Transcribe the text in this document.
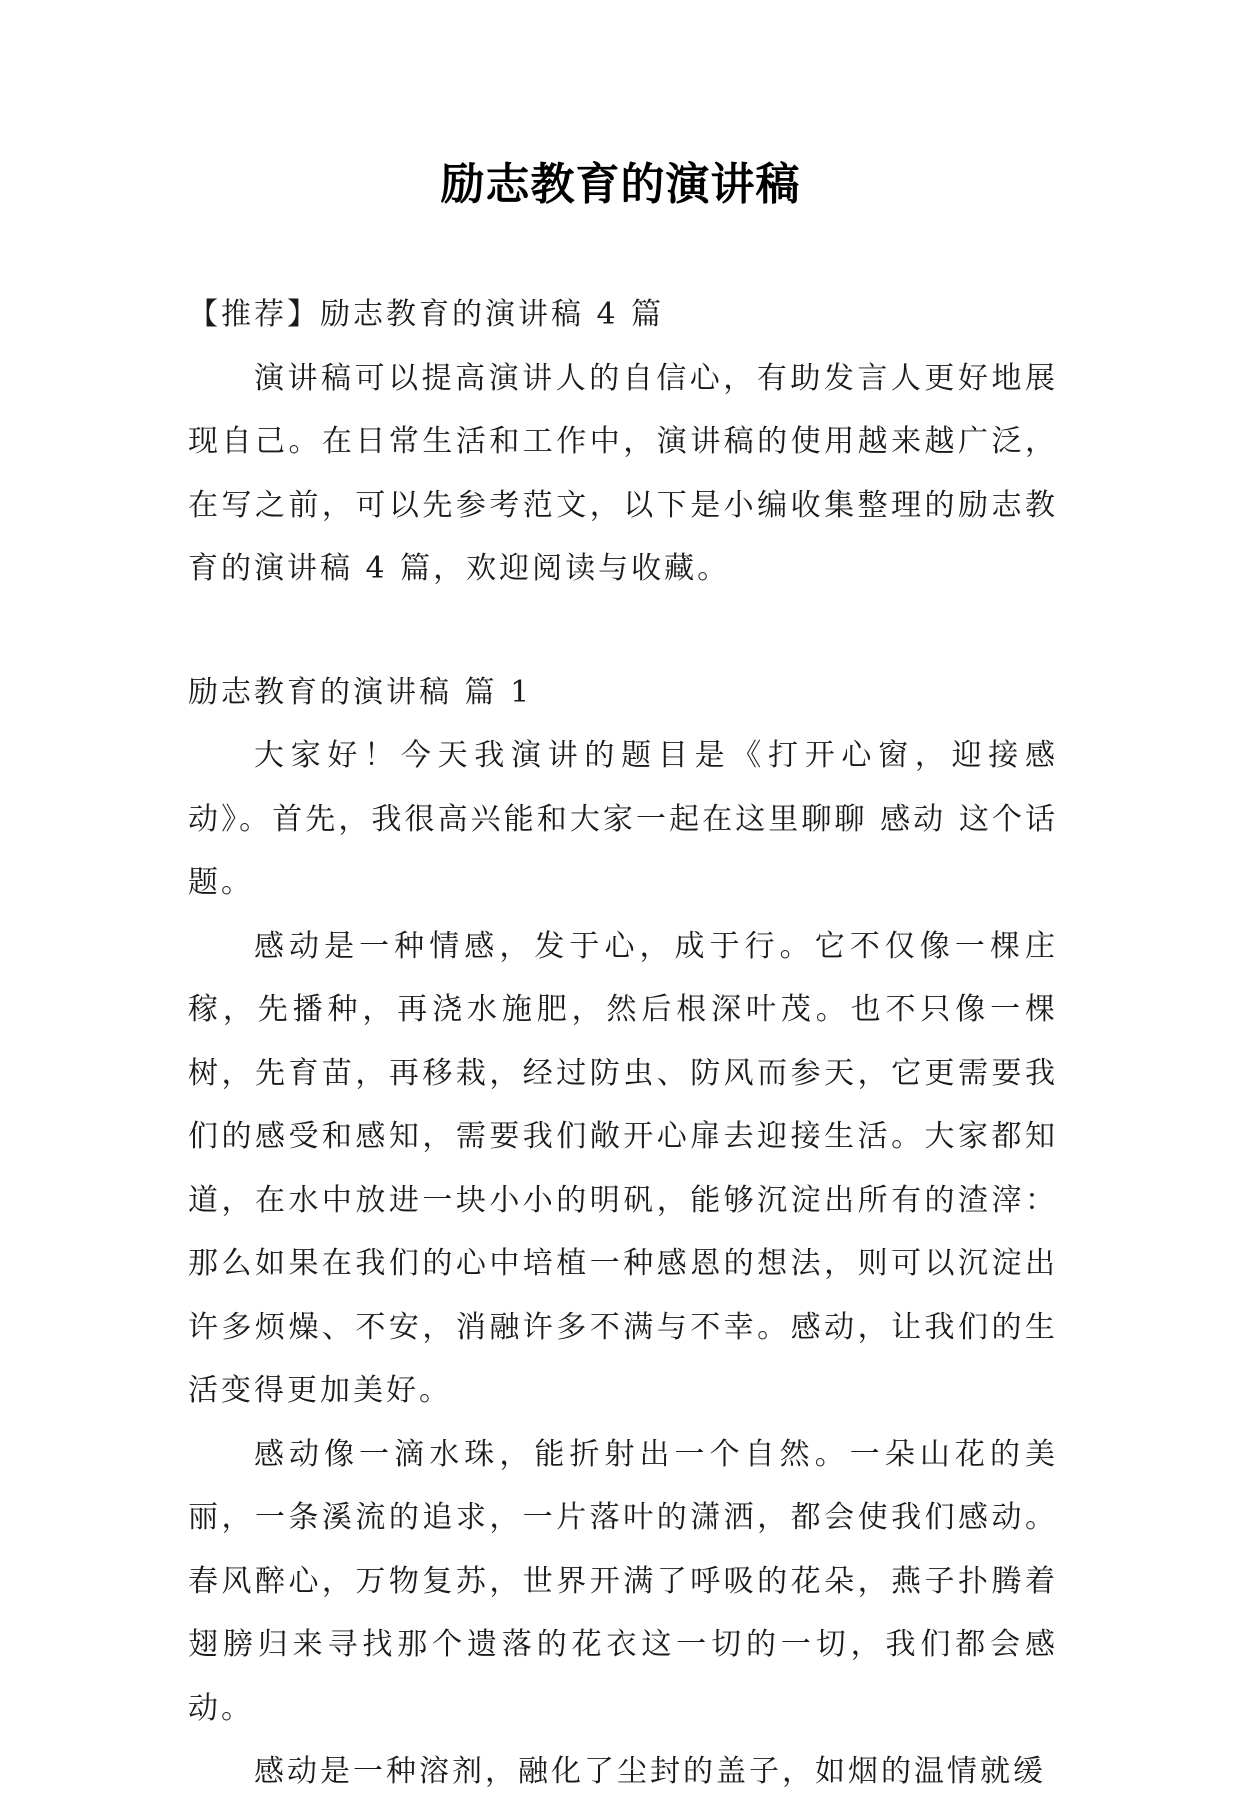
励志教育的演讲稿

【推荐】励志教育的演讲稿 4 篇

演讲稿可以提高演讲人的自信心，有助发言人更好地展现自己。在日常生活和工作中，演讲稿的使用越来越广泛，在写之前，可以先参考范文，以下是小编收集整理的励志教育的演讲稿 4 篇，欢迎阅读与收藏。

励志教育的演讲稿 篇 1

大家好！今天我演讲的题目是《打开心窗，迎接感动》。首先，我很高兴能和大家一起在这里聊聊 感动 这个话题。

感动是一种情感，发于心，成于行。它不仅像一棵庄稼，先播种，再浇水施肥，然后根深叶茂。也不只像一棵树，先育苗，再移栽，经过防虫、防风而参天，它更需要我们的感受和感知，需要我们敞开心扉去迎接生活。大家都知道，在水中放进一块小小的明矾，能够沉淀出所有的渣滓：那么如果在我们的心中培植一种感恩的想法，则可以沉淀出许多烦燥、不安，消融许多不满与不幸。感动，让我们的生活变得更加美好。

感动像一滴水珠，能折射出一个自然。一朵山花的美丽，一条溪流的追求，一片落叶的潇洒，都会使我们感动。春风醉心，万物复苏，世界开满了呼吸的花朵，燕子扑腾着翅膀归来寻找那个遗落的花衣这一切的一切，我们都会感动。

感动是一种溶剂，融化了尘封的盖子，如烟的温情就缓
